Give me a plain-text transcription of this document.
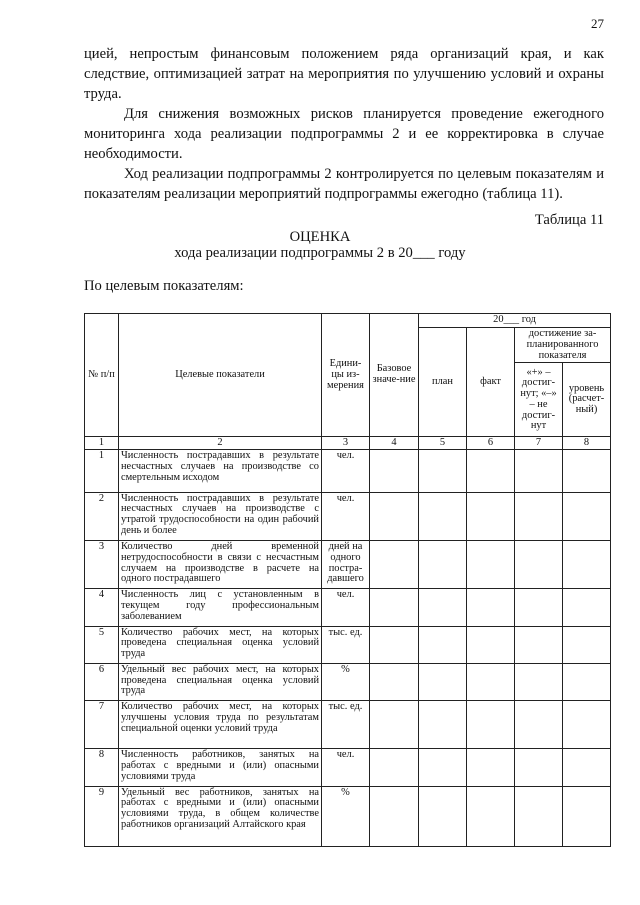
27

цией, непростым финансовым положением ряда организаций края, и как следствие, оптимизацией затрат на мероприятия по улучшению условий и охраны труда.

Для снижения возможных рисков планируется проведение ежегодного мониторинга хода реализации подпрограммы 2 и ее корректировка в случае необходимости.

Ход реализации подпрограммы 2 контролируется по целевым показателям и показателям реализации мероприятий подпрограммы ежегодно (таблица 11).

Таблица 11
ОЦЕНКА
хода реализации подпрограммы 2 в 20___ году
По целевым показателям:
№ п/п	Целевые показатели	Едини-цы из-мерения	Базовое значе-ние	20___ год			
				план	факт	достижение за-планированного показателя	
						«+» – достиг-нут; «–» – не достиг-нут	уровень (расчет-ный)
1	2	3	4	5	6	7	8
1	Численность пострадавших в результате несчастных случаев на производстве со смертельным исходом	чел.					
2	Численность пострадавших в результате несчастных случаев на производстве с утратой трудоспособности на один рабочий день и более	чел.					
3	Количество дней временной нетрудоспособности в связи с несчастным случаем на производстве в расчете на одного пострадавшего	дней на одного постра-давшего					
4	Численность лиц с установленным в текущем году профессиональным заболеванием	чел.					
5	Количество рабочих мест, на которых проведена специальная оценка условий труда	тыс. ед.					
6	Удельный вес рабочих мест, на которых проведена специальная оценка условий труда	%					
7	Количество рабочих мест, на которых улучшены условия труда по результатам специальной оценки условий труда	тыс. ед.					
8	Численность работников, занятых на работах с вредными и (или) опасными условиями труда	чел.					
9	Удельный вес работников, занятых на работах с вредными и (или) опасными условиями труда, в общем количестве работников организаций Алтайского края	%					
